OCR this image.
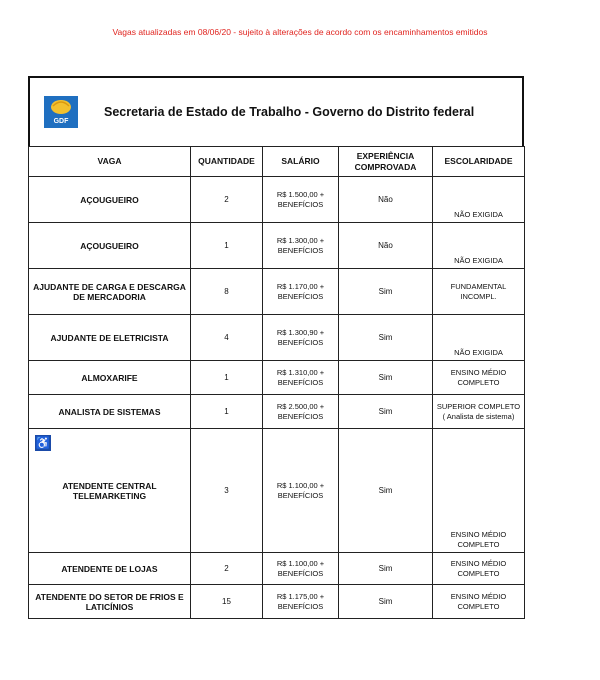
Vagas atualizadas em 08/06/20 - sujeito à alterações de acordo com os encaminhamentos emitidos
GDF
Secretaria de Estado de Trabalho - Governo do Distrito federal
VAGA	QUANTIDADE	SALÁRIO	EXPERIÊNCIA COMPROVADA	ESCOLARIDADE
AÇOUGUEIRO	2	R$ 1.500,00 + BENEFÍCIOS	Não	NÃO EXIGIDA
AÇOUGUEIRO	1	R$ 1.300,00 + BENEFÍCIOS	Não	NÃO EXIGIDA
AJUDANTE DE CARGA E DESCARGA DE MERCADORIA	8	R$ 1.170,00 + BENEFÍCIOS	Sim	FUNDAMENTAL INCOMPL.
AJUDANTE DE ELETRICISTA	4	R$ 1.300,90 + BENEFÍCIOS	Sim	NÃO EXIGIDA
ALMOXARIFE	1	R$ 1.310,00 + BENEFÍCIOS	Sim	ENSINO MÉDIO COMPLETO
ANALISTA DE SISTEMAS	1	R$ 2.500,00 + BENEFÍCIOS	Sim	SUPERIOR COMPLETO ( Analista de sistema)

♿
ATENDENTE CENTRAL TELEMARKETING	3	R$ 1.100,00 + BENEFÍCIOS	Sim	ENSINO MÉDIO COMPLETO
ATENDENTE DE LOJAS	2	R$ 1.100,00 + BENEFÍCIOS	Sim	ENSINO MÉDIO COMPLETO
ATENDENTE DO SETOR DE FRIOS E LATICÍNIOS	15	R$ 1.175,00 + BENEFÍCIOS	Sim	ENSINO MÉDIO COMPLETO
